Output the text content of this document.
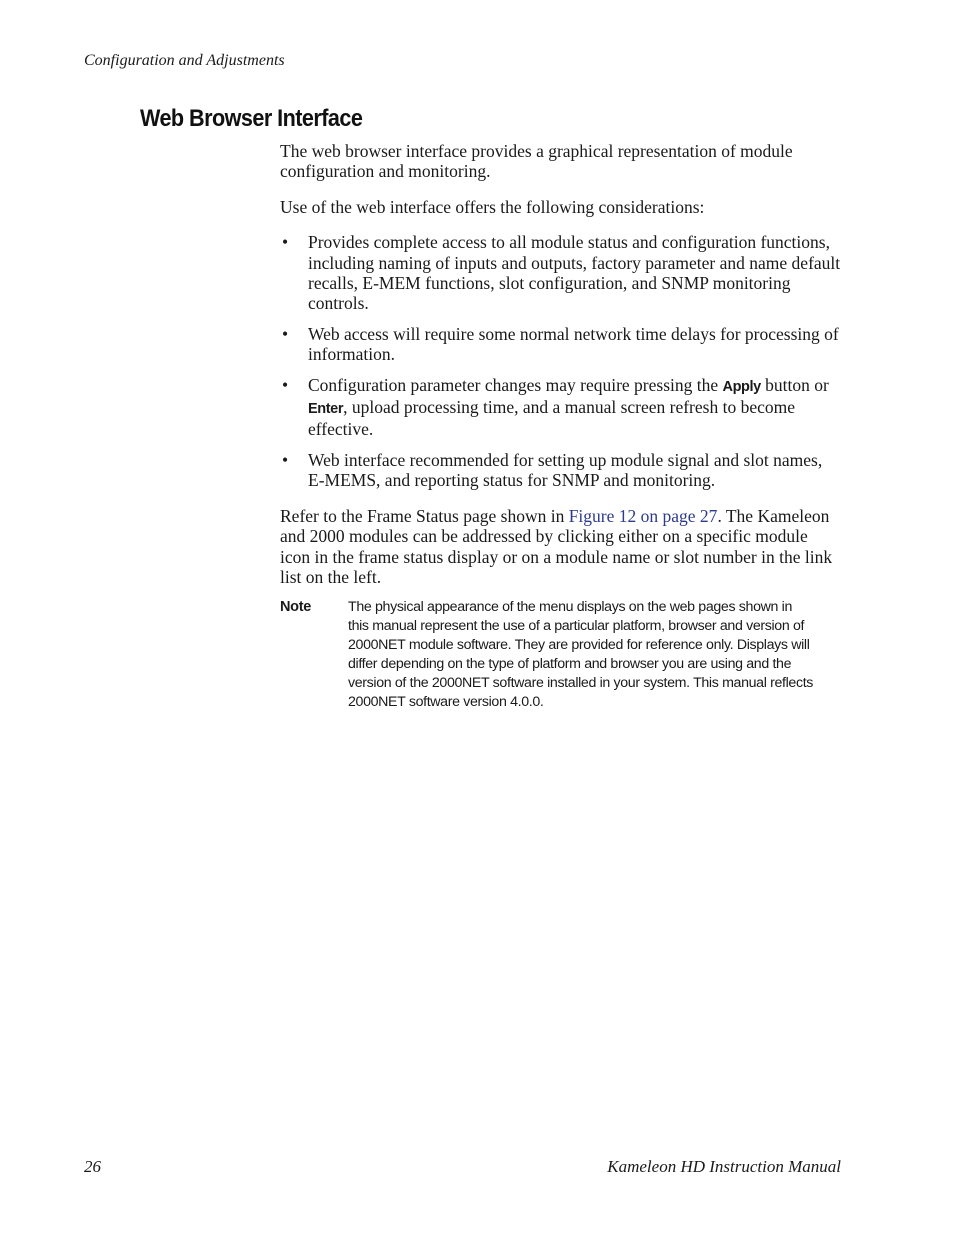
Configuration and Adjustments
Web Browser Interface

The web browser interface provides a graphical representation of module configuration and monitoring.

Use of the web interface offers the following considerations:

• Provides complete access to all module status and configuration functions, including naming of inputs and outputs, factory parameter and name default recalls, E-MEM functions, slot configuration, and SNMP monitoring controls.
• Web access will require some normal network time delays for processing of information.
• Configuration parameter changes may require pressing the Apply button or Enter, upload processing time, and a manual screen refresh to become effective.
• Web interface recommended for setting up module signal and slot names, E-MEMS, and reporting status for SNMP and monitoring.

Refer to the Frame Status page shown in Figure 12 on page 27. The Kameleon and 2000 modules can be addressed by clicking either on a specific module icon in the frame status display or on a module name or slot number in the link list on the left.

Note	The physical appearance of the menu displays on the web pages shown in this manual represent the use of a particular platform, browser and version of 2000NET module software. They are provided for reference only. Displays will differ depending on the type of platform and browser you are using and the version of the 2000NET software installed in your system. This manual reflects 2000NET software version 4.0.0.

26	Kameleon HD Instruction Manual
